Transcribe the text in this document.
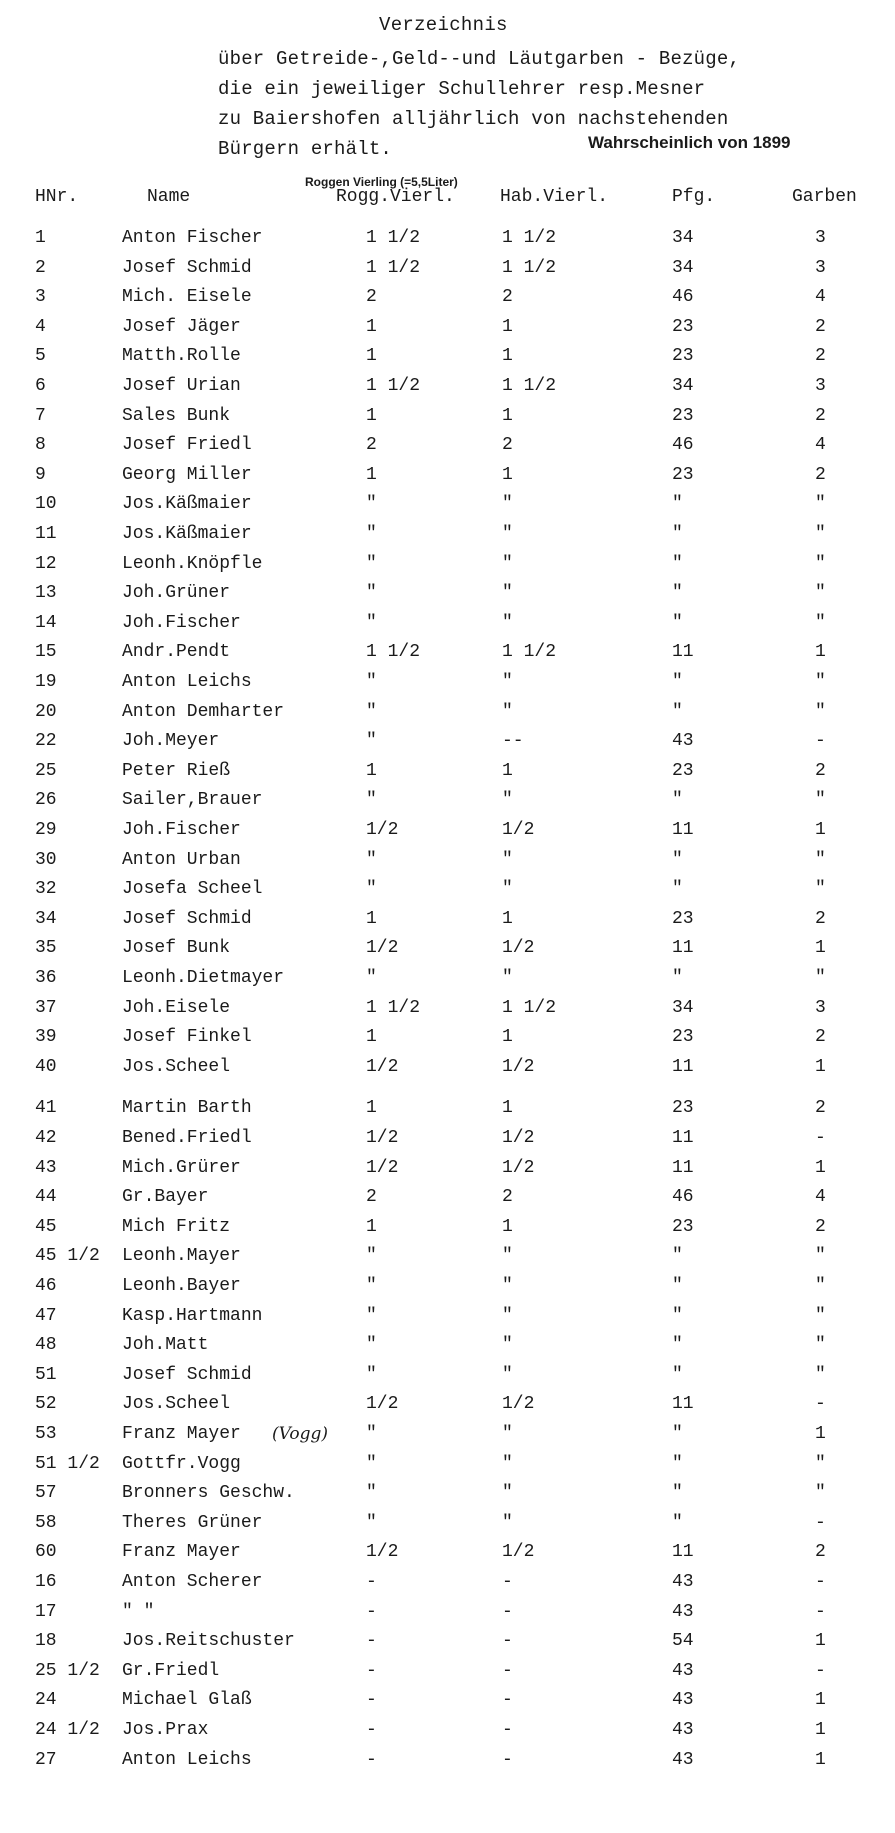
Verzeichnis
über Getreide-,Geld--und Läutgarben - Bezüge,
die ein jeweiliger Schullehrer resp.Mesner
zu Baiershofen alljährlich von nachstehenden
Bürgern erhält.	Wahrscheinlich von 1899
Roggen Vierling (=5,5Liter)
HNr.	Name	Rogg.Vierl.	Hab.Vierl.	Pfg.	Garben
1	Anton Fischer	1 1/2	1 1/2	34	3
2	Josef Schmid	1 1/2	1 1/2	34	3
3	Mich. Eisele	2	2	46	4
4	Josef Jäger	1	1	23	2
5	Matth.Rolle	1	1	23	2
6	Josef Urian	1 1/2	1 1/2	34	3
7	Sales Bunk	1	1	23	2
8	Josef Friedl	2	2	46	4
9	Georg Miller	1	1	23	2
10	Jos.Käßmaier	"	"	"	"
11	Jos.Käßmaier	"	"	"	"
12	Leonh.Knöpfle	"	"	"	"
13	Joh.Grüner	"	"	"	"
14	Joh.Fischer	"	"	"	"
15	Andr.Pendt	1 1/2	1 1/2	11	1
19	Anton Leichs	"	"	"	"
20	Anton Demharter	"	"	"	"
22	Joh.Meyer	"	--	43	-
25	Peter Rieß	1	1	23	2
26	Sailer,Brauer	"	"	"	"
29	Joh.Fischer	1/2	1/2	11	1
30	Anton Urban	"	"	"	"
32	Josefa Scheel	"	"	"	"
34	Josef Schmid	1	1	23	2
35	Josef Bunk	1/2	1/2	11	1
36	Leonh.Dietmayer	"	"	"	"
37	Joh.Eisele	1 1/2	1 1/2	34	3
39	Josef Finkel	1	1	23	2
40	Jos.Scheel	1/2	1/2	11	1
41	Martin Barth	1	1	23	2
42	Bened.Friedl	1/2	1/2	11	-
43	Mich.Grürer	1/2	1/2	11	1
44	Gr.Bayer	2	2	46	4
45	Mich Fritz	1	1	23	2
45 1/2 Leonh.Mayer	"	"	"	"
46	Leonh.Bayer	"	"	"	"
47	Kasp.Hartmann	"	"	"	"
48	Joh.Matt	"	"	"	"
51	Josef Schmid	"	"	"	"
52	Jos.Scheel	1/2	1/2	11	-
53	Franz Mayer (Vogg) "	"	"	1
51 1/2 Gottfr.Vogg	"	"	"	"
57	Bronners Geschw.	"	"	"	"
58	Theres Grüner	"	"	"	-
60	Franz Mayer	1/2	1/2	11	2
16	Anton Scherer	-	-	43	-
17	" "	-	-	43	-
18	Jos.Reitschuster	-	-	54	1
25 1/2 Gr.Friedl	-	-	43	-
24	Michael Glaß	-	-	43	1
24 1/2 Jos.Prax	-	-	43	1
27	Anton Leichs	-	-	43	1
